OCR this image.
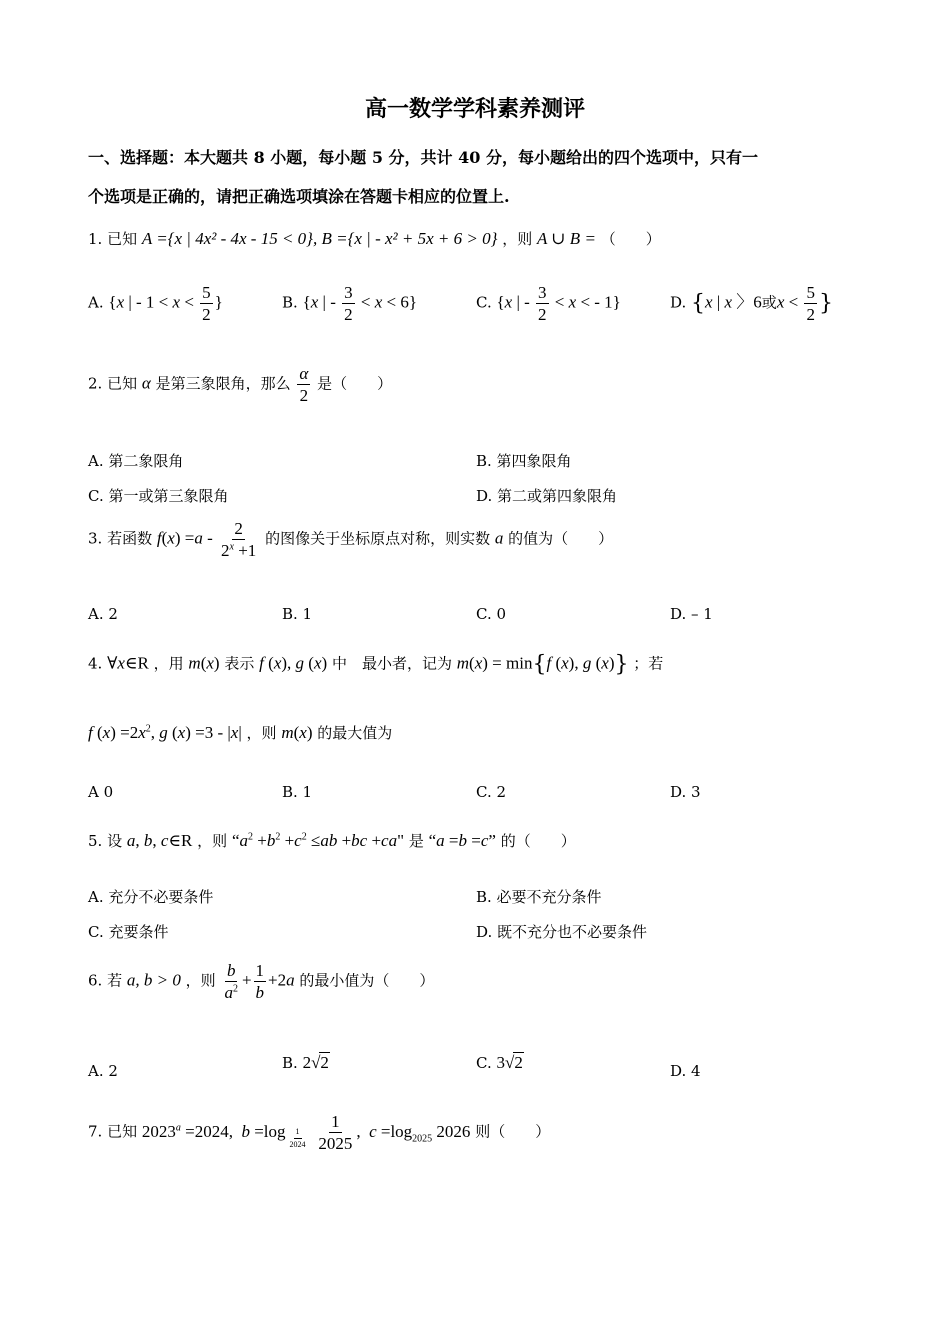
高一数学学科素养测评
一、选择题：本大题共 8 小题，每小题 5 分，共计 40 分，每小题给出的四个选项中，只有一
个选项是正确的，请把正确选项填涂在答题卡相应的位置上.
1. 已知 A ={x | 4x² - 4x - 15 < 0}, B ={x | - x² + 5x + 6 > 0} ，则 A ∪ B = （　　）
A. {x | - $1 < x < \frac{5}{2}$ }	B. {x | - $\frac{3}{2} < x < 6$}	C. {x | - $\frac{3}{2} < x$ < - 1}	D. {x | x 〉6或$x < \frac{5}{2}$ }
2. 已知 α 是第三象限角，那么 $\frac{\alpha}{2}$ 是（　　）
A. 第二象限角	B. 第四象限角
C. 第一或第三象限角	D. 第二或第四象限角
3. 若函数 $f(x) =a - \frac{2}{2^x +1}$ 的图像关于坐标原点对称，则实数 a 的值为（　　）
A. 2	B. 1	C. 0	D. – 1
4. ∀x∈R ，用 m(x) 表示 f (x), g (x) 中　最小者，记为 m(x) = min{f (x), g (x)} ；若
f $(x) =2x^2$, g (x) =3 - |x| ，则 m(x) 的最大值为
A 0	B. 1	C. 2	D. 3
5. 设 a, b, c∈R ，则 “$a^2 +b^2 +c^2 \le ab +bc +ca$" 是 “a =b =c” 的（　　）
A. 充分不必要条件	B. 必要不充分条件
C. 充要条件	D. 既不充分也不必要条件
6. 若 a, b > 0 ，则 $\frac{b}{a^2} + \frac{1}{b} +2a$ 的最小值为（　　）
A. 2	B. 2√2	C. 3√2	D. 4
7. 已知 $2023^a =2024$,  b =log $_{\frac{1}{2024}}$
$\frac{1}{2025}$ ,  $c =\log_{2025}$ 2026 则（　　）
